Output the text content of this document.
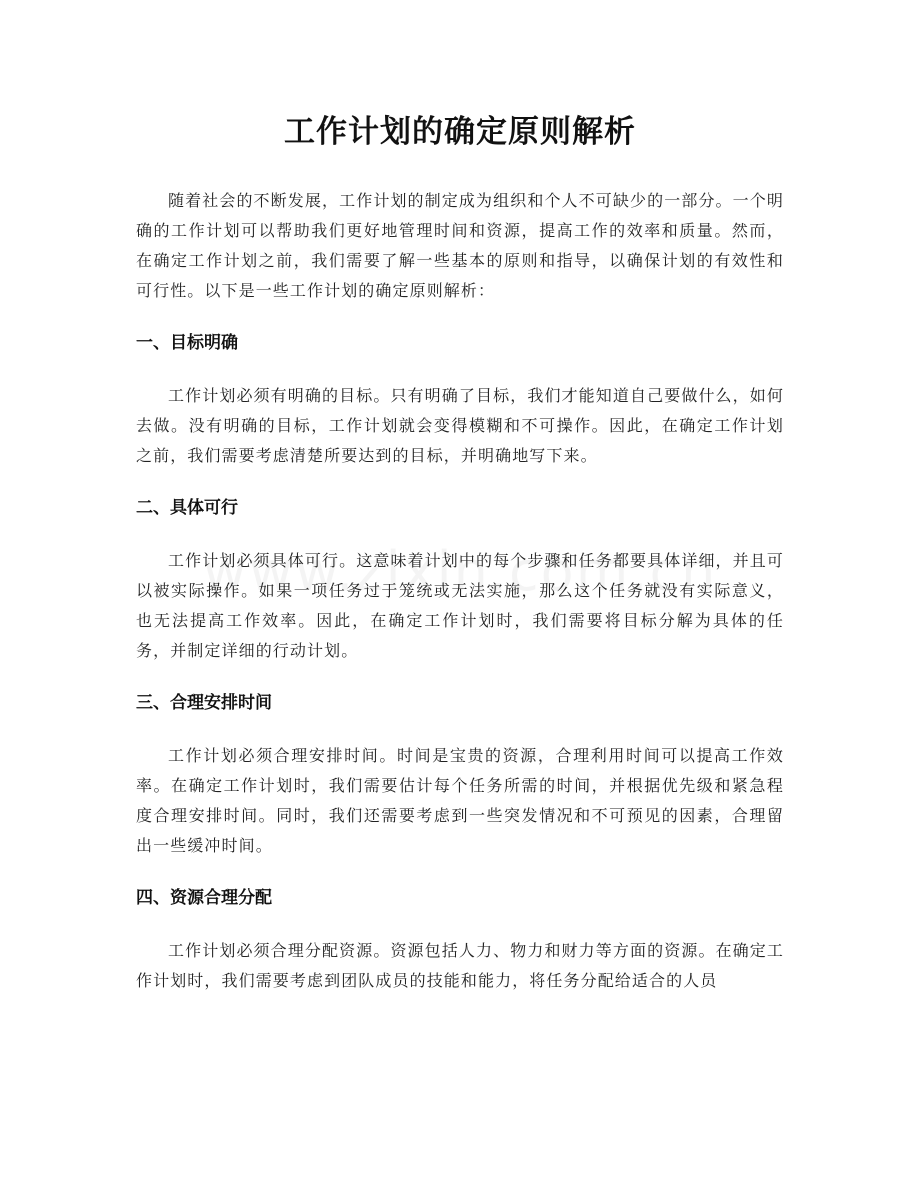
工作计划的确定原则解析

随着社会的不断发展，工作计划的制定成为组织和个人不可缺少的一部分。一个明确的工作计划可以帮助我们更好地管理时间和资源，提高工作的效率和质量。然而，在确定工作计划之前，我们需要了解一些基本的原则和指导，以确保计划的有效性和可行性。以下是一些工作计划的确定原则解析：

一、目标明确

工作计划必须有明确的目标。只有明确了目标，我们才能知道自己要做什么，如何去做。没有明确的目标，工作计划就会变得模糊和不可操作。因此，在确定工作计划之前，我们需要考虑清楚所要达到的目标，并明确地写下来。

二、具体可行

工作计划必须具体可行。这意味着计划中的每个步骤和任务都要具体详细，并且可以被实际操作。如果一项任务过于笼统或无法实施，那么这个任务就没有实际意义，也无法提高工作效率。因此，在确定工作计划时，我们需要将目标分解为具体的任务，并制定详细的行动计划。

三、合理安排时间

工作计划必须合理安排时间。时间是宝贵的资源，合理利用时间可以提高工作效率。在确定工作计划时，我们需要估计每个任务所需的时间，并根据优先级和紧急程度合理安排时间。同时，我们还需要考虑到一些突发情况和不可预见的因素，合理留出一些缓冲时间。

四、资源合理分配

工作计划必须合理分配资源。资源包括人力、物力和财力等方面的资源。在确定工作计划时，我们需要考虑到团队成员的技能和能力，将任务分配给适合的人员
